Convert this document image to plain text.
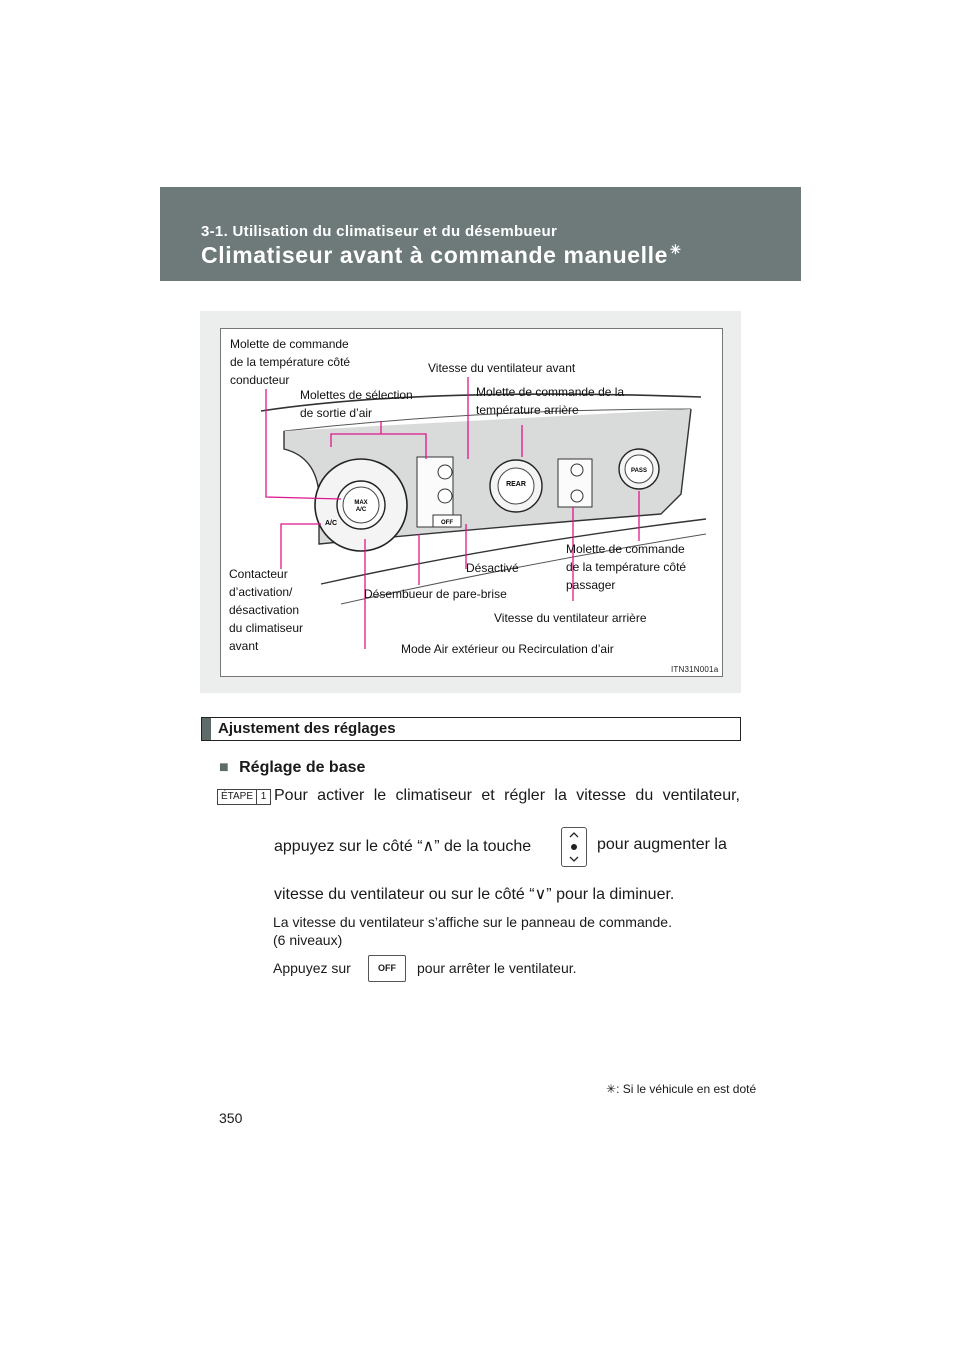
3-1. Utilisation du climatiseur et du désembueur
Climatiseur avant à commande manuelle ✳
MAX
A/C
A/C	OFF
REAR
PASS
Molette de commande
de la température côté
conducteur
Molettes de sélection
de sortie d’air
Vitesse du ventilateur avant
Molette de commande de la
température arrière
Contacteur
d’activation/
désactivation
du climatiseur
avant
Désactivé
Désembueur de pare-brise
Molette de commande
de la température côté
passager
Vitesse du ventilateur arrière
Mode Air extérieur ou Recirculation d’air
ITN31N001a
Ajustement des réglages
■ Réglage de base
ÉTAPE 1 Pour activer le climatiseur et régler la vitesse du ventilateur,
appuyez sur le côté “∧” de la touche	pour augmenter la
vitesse du ventilateur ou sur le côté “∨” pour la diminuer.
La vitesse du ventilateur s’affiche sur le panneau de commande.
(6 niveaux)
Appuyez sur	OFF	pour arrêter le ventilateur.
✳: Si le véhicule en est doté
350
